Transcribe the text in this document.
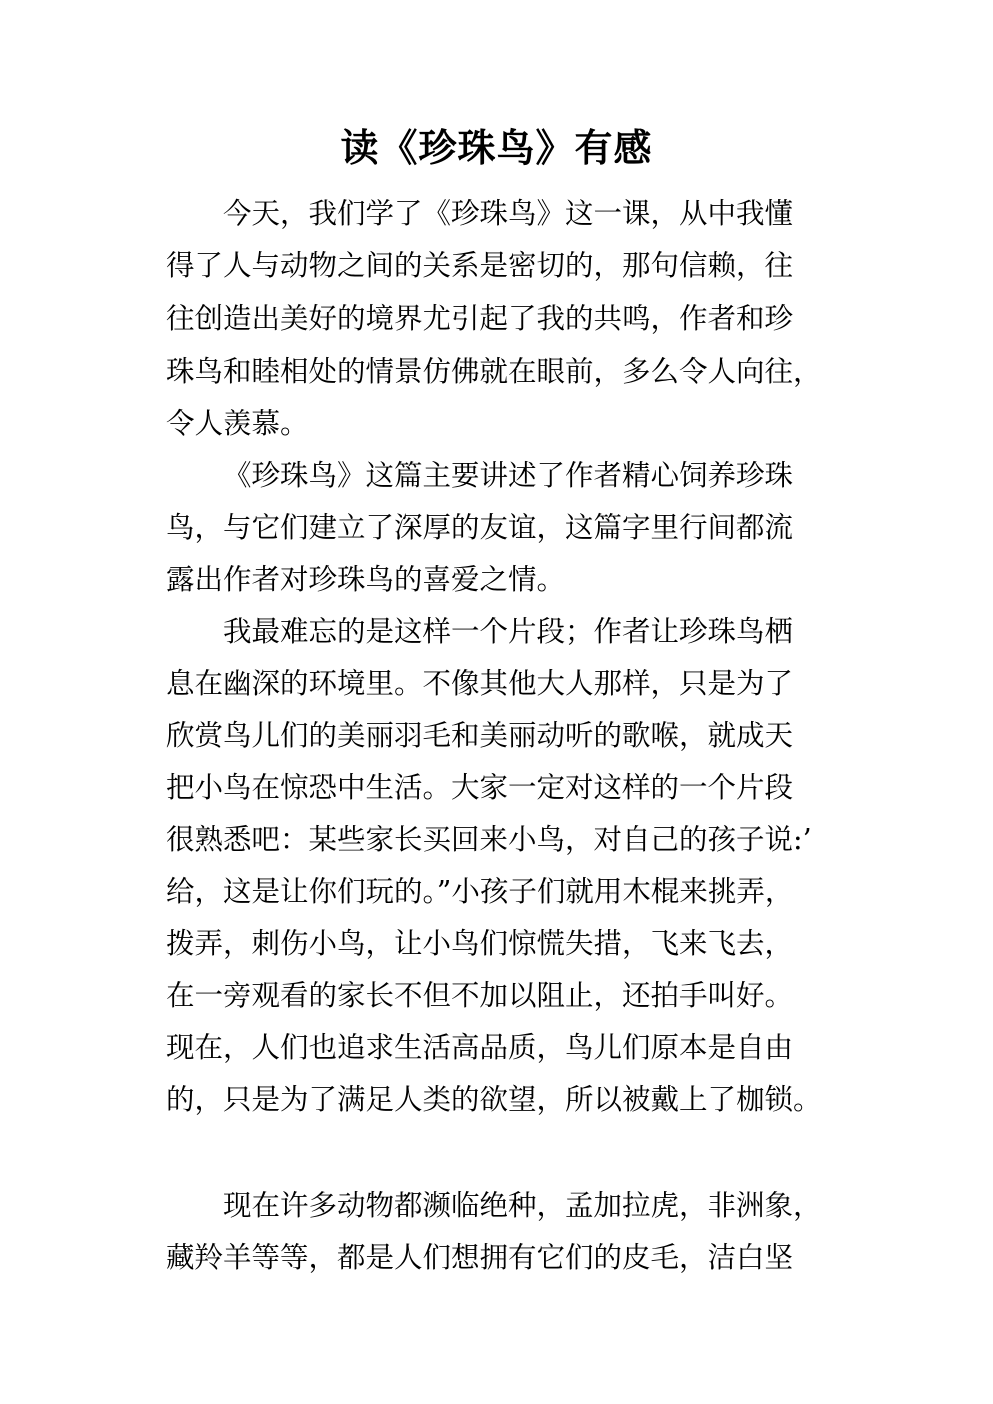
读《珍珠鸟》有感
今天，我们学了《珍珠鸟》这一课，从中我懂
得了人与动物之间的关系是密切的，那句信赖，往
往创造出美好的境界尤引起了我的共鸣，作者和珍
珠鸟和睦相处的情景仿佛就在眼前，多么令人向往，
令人羡慕。
《珍珠鸟》这篇主要讲述了作者精心饲养珍珠
鸟，与它们建立了深厚的友谊，这篇字里行间都流
露出作者对珍珠鸟的喜爱之情。
我最难忘的是这样一个片段；作者让珍珠鸟栖
息在幽深的环境里。不像其他大人那样，只是为了
欣赏鸟儿们的美丽羽毛和美丽动听的歌喉，就成天
把小鸟在惊恐中生活。大家一定对这样的一个片段
很熟悉吧：某些家长买回来小鸟，对自己的孩子说:’
给，这是让你们玩的。”小孩子们就用木棍来挑弄，
拨弄，刺伤小鸟，让小鸟们惊慌失措，飞来飞去，
在一旁观看的家长不但不加以阻止，还拍手叫好。
现在，人们也追求生活高品质，鸟儿们原本是自由
的，只是为了满足人类的欲望，所以被戴上了枷锁。
现在许多动物都濒临绝种，孟加拉虎，非洲象，
藏羚羊等等，都是人们想拥有它们的皮毛，洁白坚
